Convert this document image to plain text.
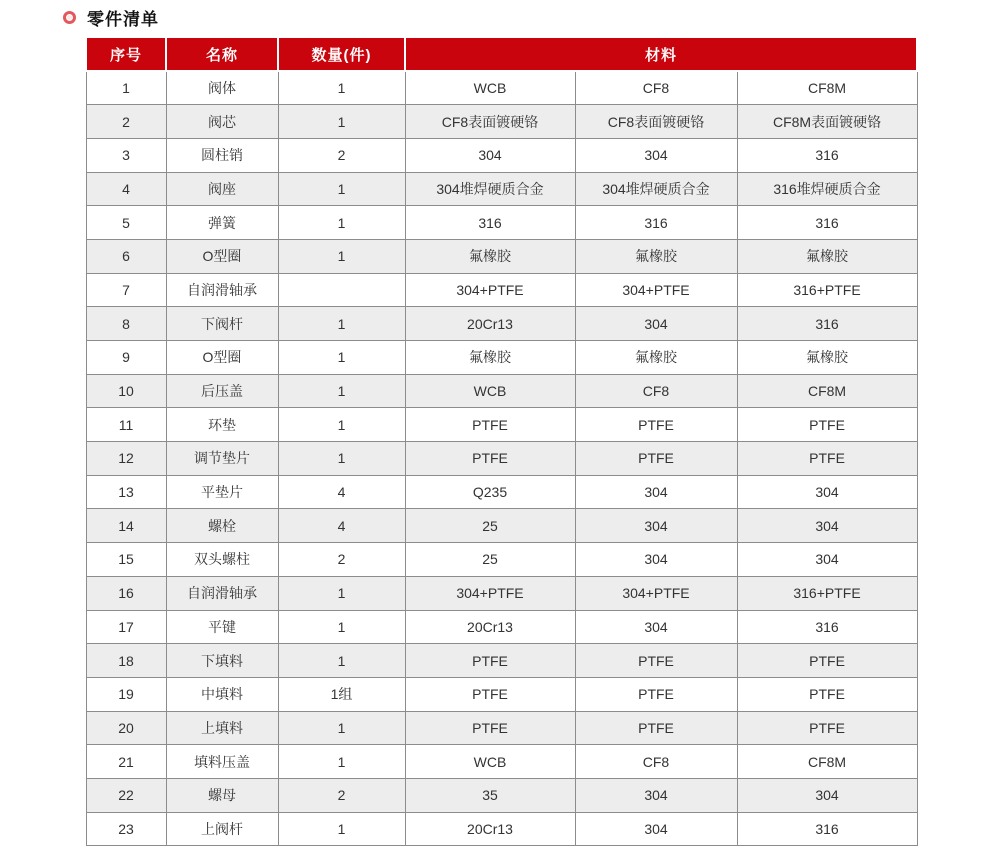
零件清单
序号	名称	数量(件)	材料		
1	阀体	1	WCB	CF8	CF8M
2	阀芯	1	CF8表面镀硬铬	CF8表面镀硬铬	CF8M表面镀硬铬
3	圆柱销	2	304	304	316
4	阀座	1	304堆焊硬质合金	304堆焊硬质合金	316堆焊硬质合金
5	弹簧	1	316	316	316
6	O型圈	1	氟橡胶	氟橡胶	氟橡胶
7	自润滑轴承		304+PTFE	304+PTFE	316+PTFE
8	下阀杆	1	20Cr13	304	316
9	O型圈	1	氟橡胶	氟橡胶	氟橡胶
10	后压盖	1	WCB	CF8	CF8M
11	环垫	1	PTFE	PTFE	PTFE
12	调节垫片	1	PTFE	PTFE	PTFE
13	平垫片	4	Q235	304	304
14	螺栓	4	25	304	304
15	双头螺柱	2	25	304	304
16	自润滑轴承	1	304+PTFE	304+PTFE	316+PTFE
17	平键	1	20Cr13	304	316
18	下填料	1	PTFE	PTFE	PTFE
19	中填料	1组	PTFE	PTFE	PTFE
20	上填料	1	PTFE	PTFE	PTFE
21	填料压盖	1	WCB	CF8	CF8M
22	螺母	2	35	304	304
23	上阀杆	1	20Cr13	304	316
